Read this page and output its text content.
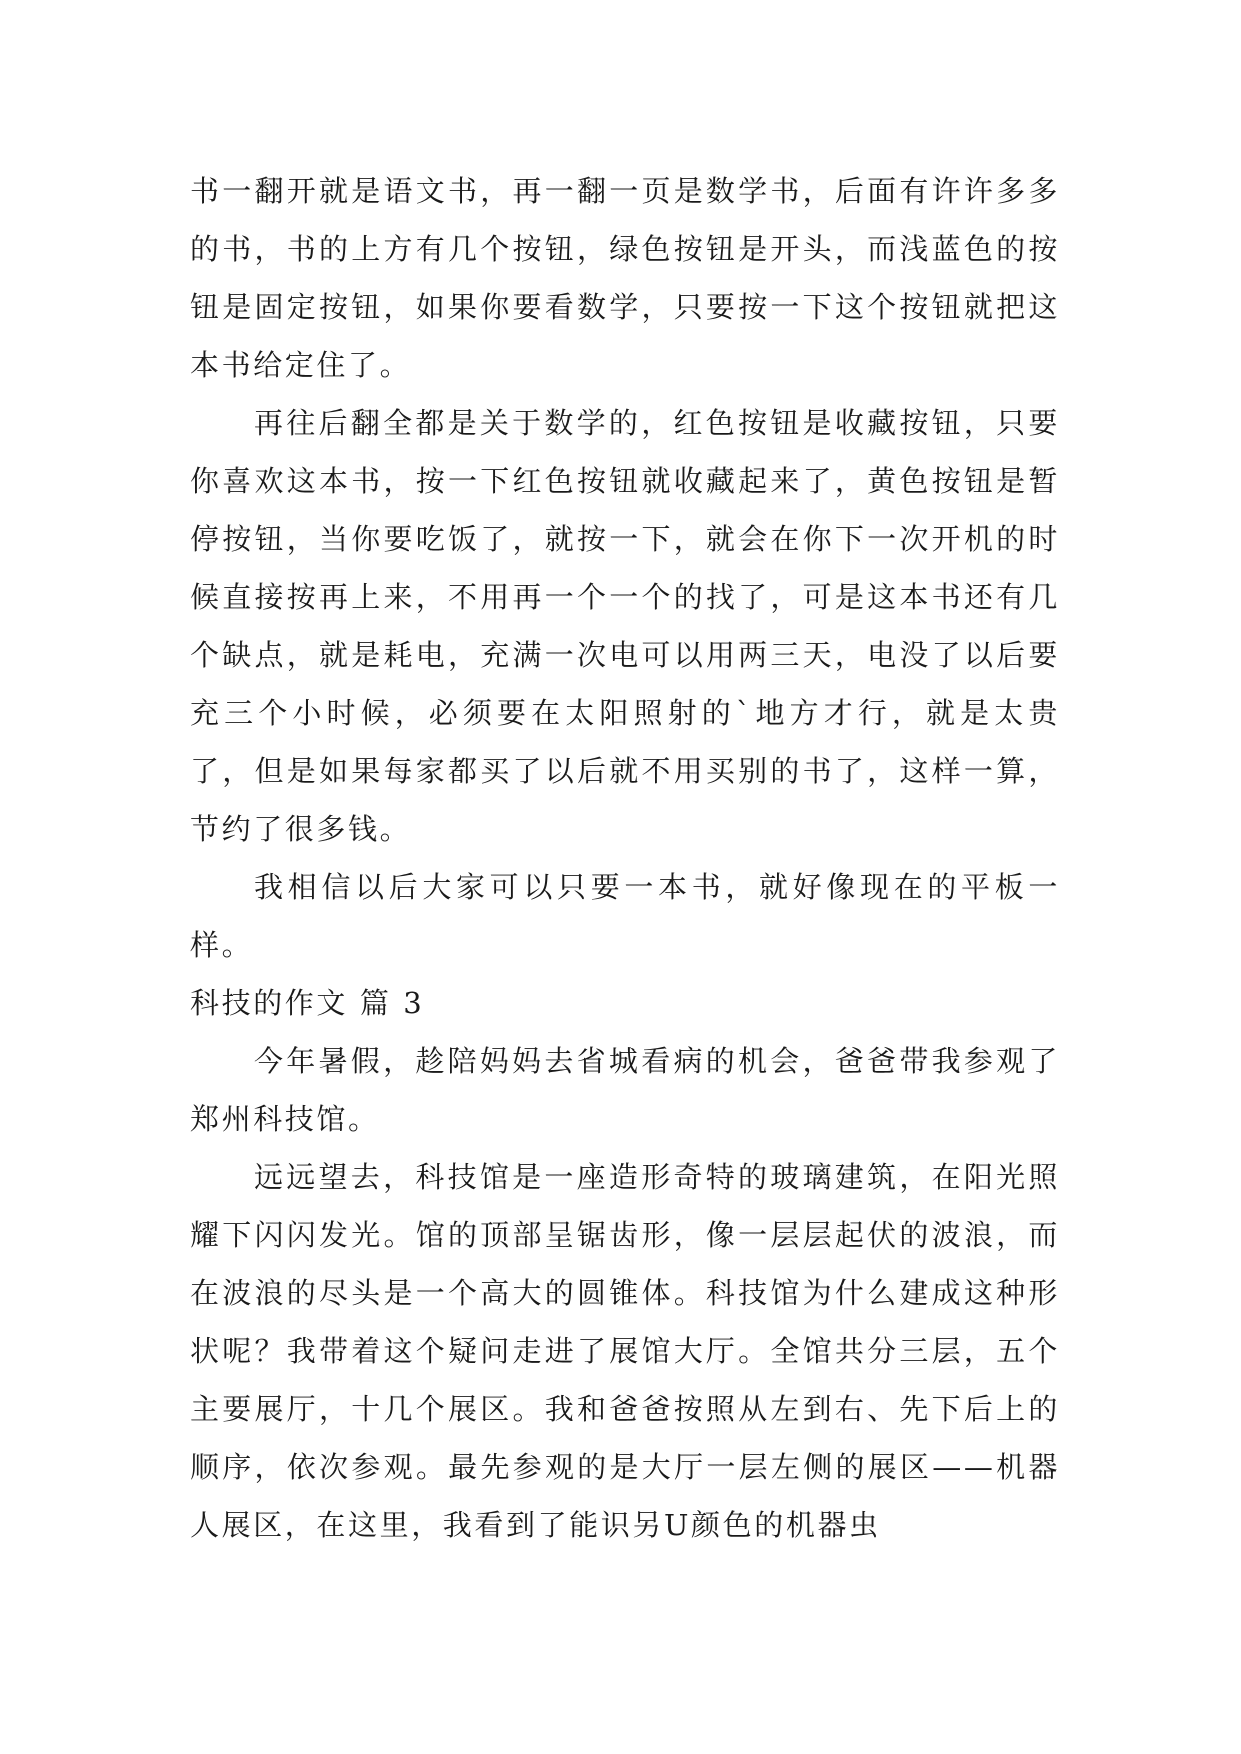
书一翻开就是语文书，再一翻一页是数学书，后面有许许多多的书，书的上方有几个按钮，绿色按钮是开头，而浅蓝色的按钮是固定按钮，如果你要看数学，只要按一下这个按钮就把这本书给定住了。

再往后翻全都是关于数学的，红色按钮是收藏按钮，只要你喜欢这本书，按一下红色按钮就收藏起来了，黄色按钮是暂停按钮，当你要吃饭了，就按一下，就会在你下一次开机的时候直接按再上来，不用再一个一个的找了，可是这本书还有几个缺点，就是耗电，充满一次电可以用两三天，电没了以后要充三个小时候，必须要在太阳照射的`地方才行，就是太贵了，但是如果每家都买了以后就不用买别的书了，这样一算，节约了很多钱。

我相信以后大家可以只要一本书，就好像现在的平板一样。

科技的作文 篇 3

今年暑假，趁陪妈妈去省城看病的机会，爸爸带我参观了郑州科技馆。

远远望去，科技馆是一座造形奇特的玻璃建筑，在阳光照耀下闪闪发光。馆的顶部呈锯齿形，像一层层起伏的波浪，而在波浪的尽头是一个高大的圆锥体。科技馆为什么建成这种形状呢？我带着这个疑问走进了展馆大厅。全馆共分三层，五个主要展厅，十几个展区。我和爸爸按照从左到右、先下后上的顺序，依次参观。最先参观的是大厅一层左侧的展区——机器人展区，在这里，我看到了能识另U颜色的机器虫
